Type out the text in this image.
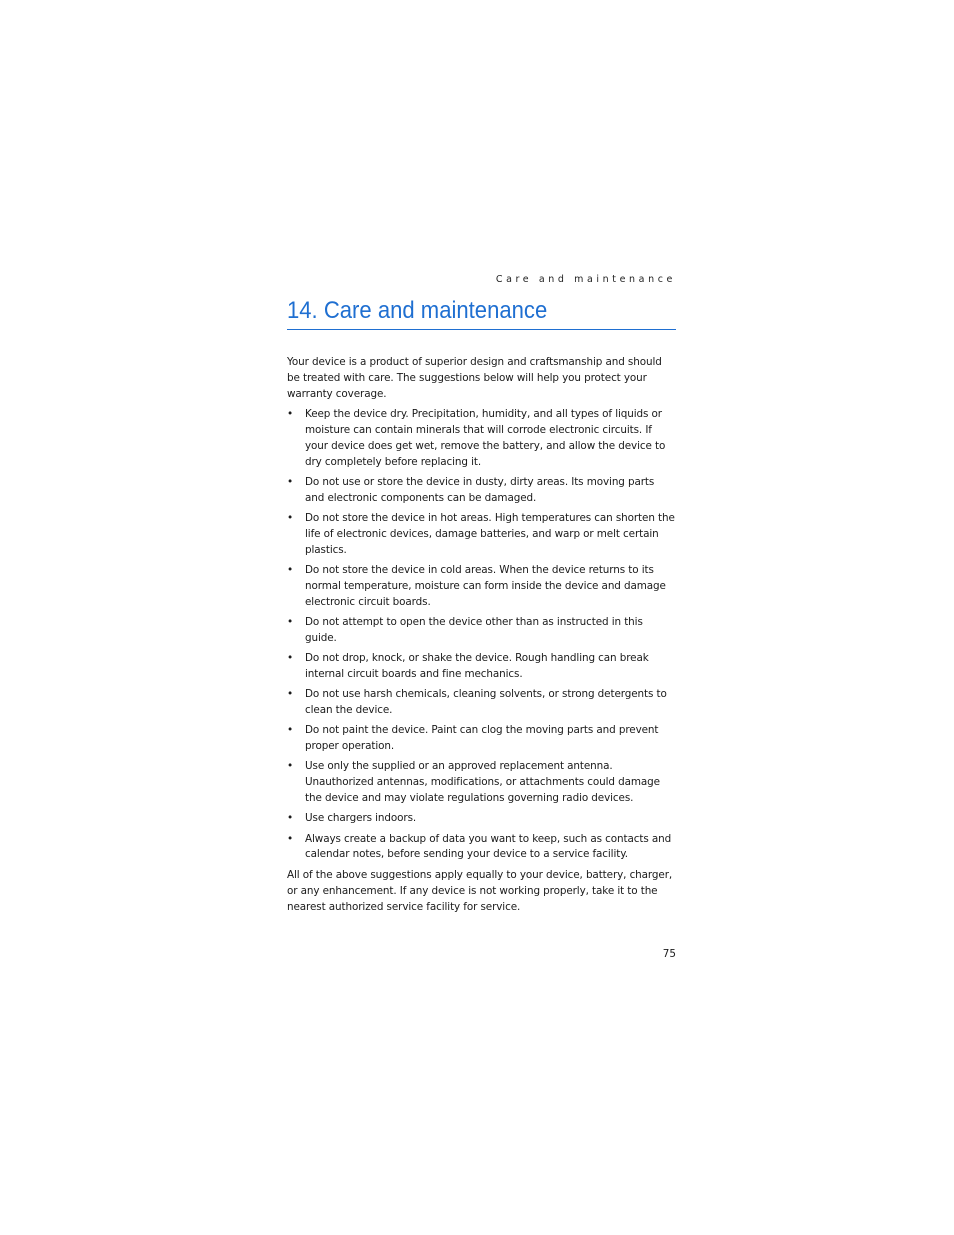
Care and maintenance
14. Care and maintenance

Your device is a product of superior design and craftsmanship and should be treated with care. The suggestions below will help you protect your warranty coverage.

• Keep the device dry. Precipitation, humidity, and all types of liquids or moisture can contain minerals that will corrode electronic circuits. If your device does get wet, remove the battery, and allow the device to dry completely before replacing it.
• Do not use or store the device in dusty, dirty areas. Its moving parts and electronic components can be damaged.
• Do not store the device in hot areas. High temperatures can shorten the life of electronic devices, damage batteries, and warp or melt certain plastics.
• Do not store the device in cold areas. When the device returns to its normal temperature, moisture can form inside the device and damage electronic circuit boards.
• Do not attempt to open the device other than as instructed in this guide.
• Do not drop, knock, or shake the device. Rough handling can break internal circuit boards and fine mechanics.
• Do not use harsh chemicals, cleaning solvents, or strong detergents to clean the device.
• Do not paint the device. Paint can clog the moving parts and prevent proper operation.
• Use only the supplied or an approved replacement antenna. Unauthorized antennas, modifications, or attachments could damage the device and may violate regulations governing radio devices.
• Use chargers indoors.
• Always create a backup of data you want to keep, such as contacts and calendar notes, before sending your device to a service facility.

All of the above suggestions apply equally to your device, battery, charger, or any enhancement. If any device is not working properly, take it to the nearest authorized service facility for service.

75
